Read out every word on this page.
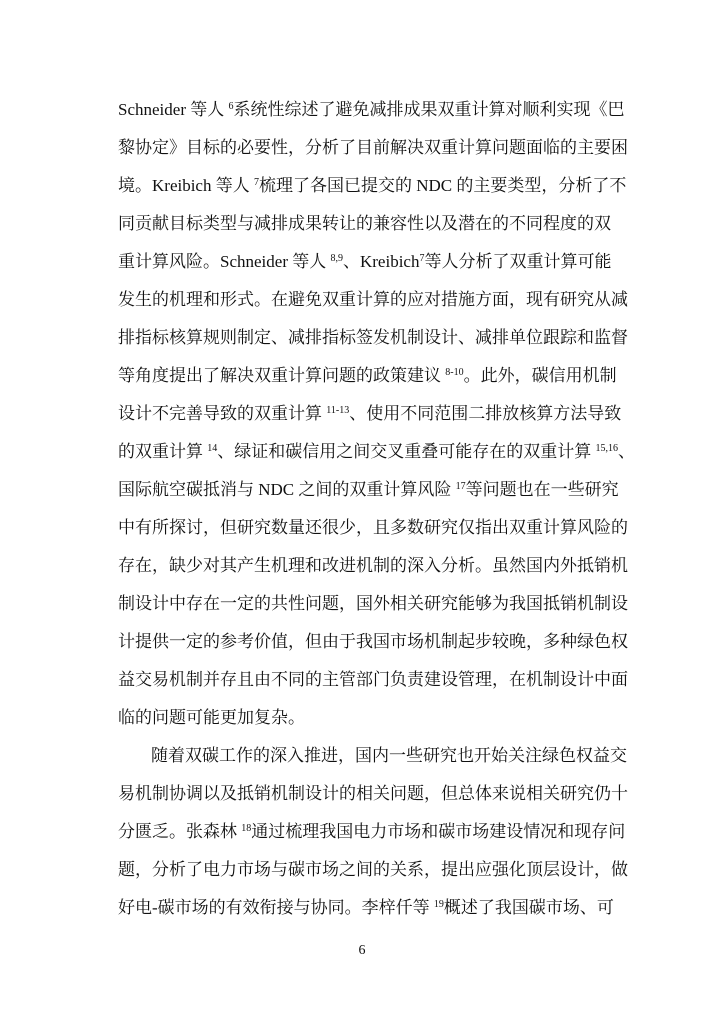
Schneider 等人 $^6$系统性综述了避免减排成果双重计算对顺利实现《巴
黎协定》目标的必要性，分析了目前解决双重计算问题面临的主要困
境。Kreibich 等人 $^7$梳理了各国已提交的 NDC 的主要类型，分析了不
同贡献目标类型与减排成果转让的兼容性以及潜在的不同程度的双
重计算风险。Schneider 等人 $^{8,9}$、Kreibich$^7$等人分析了双重计算可能
发生的机理和形式。在避免双重计算的应对措施方面，现有研究从减
排指标核算规则制定、减排指标签发机制设计、减排单位跟踪和监督
等角度提出了解决双重计算问题的政策建议 $^{8-10}$。此外，碳信用机制
设计不完善导致的双重计算 $^{11-13}$、使用不同范围二排放核算方法导致
的双重计算 $^{14}$、绿证和碳信用之间交叉重叠可能存在的双重计算 $^{15,16}$、
国际航空碳抵消与 NDC 之间的双重计算风险 $^{17}$等问题也在一些研究
中有所探讨，但研究数量还很少，且多数研究仅指出双重计算风险的
存在，缺少对其产生机理和改进机制的深入分析。虽然国内外抵销机
制设计中存在一定的共性问题，国外相关研究能够为我国抵销机制设
计提供一定的参考价值，但由于我国市场机制起步较晚，多种绿色权
益交易机制并存且由不同的主管部门负责建设管理，在机制设计中面
临的问题可能更加复杂。
随着双碳工作的深入推进，国内一些研究也开始关注绿色权益交
易机制协调以及抵销机制设计的相关问题，但总体来说相关研究仍十
分匮乏。张森林 $^{18}$通过梳理我国电力市场和碳市场建设情况和现存问
题，分析了电力市场与碳市场之间的关系，提出应强化顶层设计，做
好电-碳市场的有效衔接与协同。李梓仟等 $^{19}$概述了我国碳市场、可
6
